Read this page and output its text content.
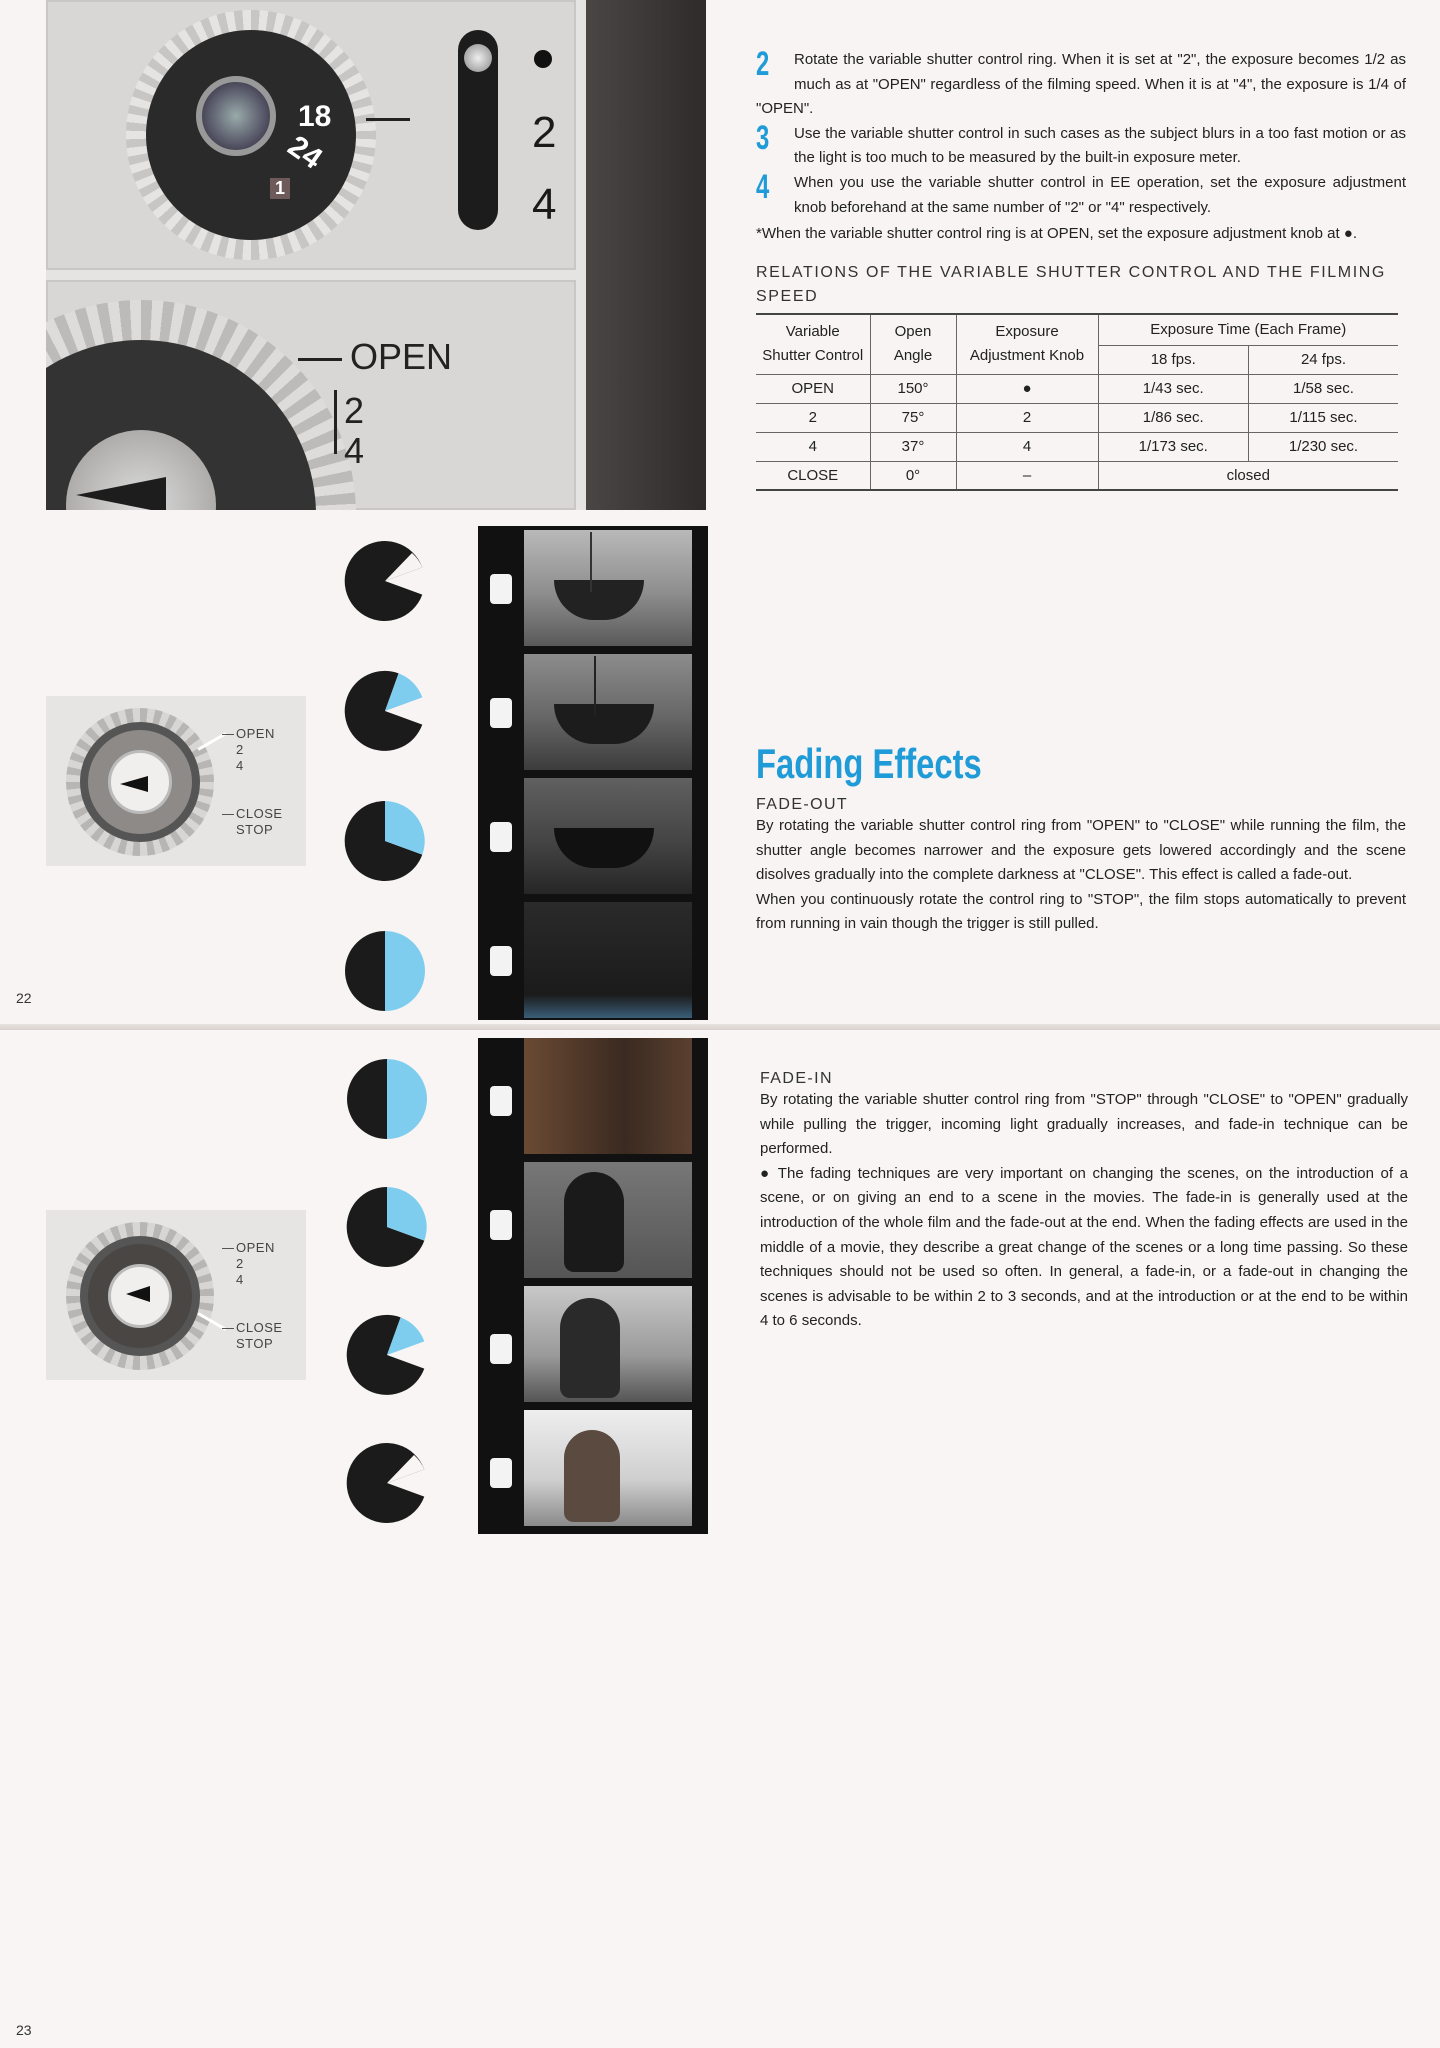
18
24
1
2
4
OPEN
2
4
OPEN
2
4
CLOSE
STOP
22
2 Rotate the variable shutter control ring. When it is set at "2", the exposure becomes 1/2 as much as at "OPEN" regardless of the filming speed. When it is at "4", the exposure is 1/4 of "OPEN".
3 Use the variable shutter control in such cases as the subject blurs in a too fast motion or as the light is too much to be measured by the built-in exposure meter.
4 When you use the variable shutter control in EE operation, set the exposure adjustment knob beforehand at the same number of "2" or "4" respectively.

*When the variable shutter control ring is at OPEN, set the exposure adjustment knob at ●.

RELATIONS OF THE VARIABLE SHUTTER CONTROL AND THE FILMING SPEED

Variable Shutter Control	Open Angle	Exposure Adjustment Knob	Exposure Time (Each Frame)	
			18 fps.	24 fps.
OPEN	150°	●	1/43 sec.	1/58 sec.
2	75°	2	1/86 sec.	1/115 sec.
4	37°	4	1/173 sec.	1/230 sec.
CLOSE	0°	–	closed	
Fading Effects

FADE-OUT

By rotating the variable shutter control ring from "OPEN" to "CLOSE" while running the film, the shutter angle becomes narrower and the exposure gets lowered accordingly and the scene disolves gradually into the complete darkness at "CLOSE". This effect is called a fade-out.

When you continuously rotate the control ring to "STOP", the film stops automatically to prevent from running in vain though the trigger is still pulled.

OPEN
2
4
CLOSE
STOP
23

FADE-IN

By rotating the variable shutter control ring from "STOP" through "CLOSE" to "OPEN" gradually while pulling the trigger, incoming light gradually increases, and fade-in technique can be performed.

● The fading techniques are very important on changing the scenes, on the introduction of a scene, or on giving an end to a scene in the movies. The fade-in is generally used at the introduction of the whole film and the fade-out at the end. When the fading effects are used in the middle of a movie, they describe a great change of the scenes or a long time passing. So these techniques should not be used so often. In general, a fade-in, or a fade-out in changing the scenes is advisable to be within 2 to 3 seconds, and at the introduction or at the end to be within 4 to 6 seconds.
